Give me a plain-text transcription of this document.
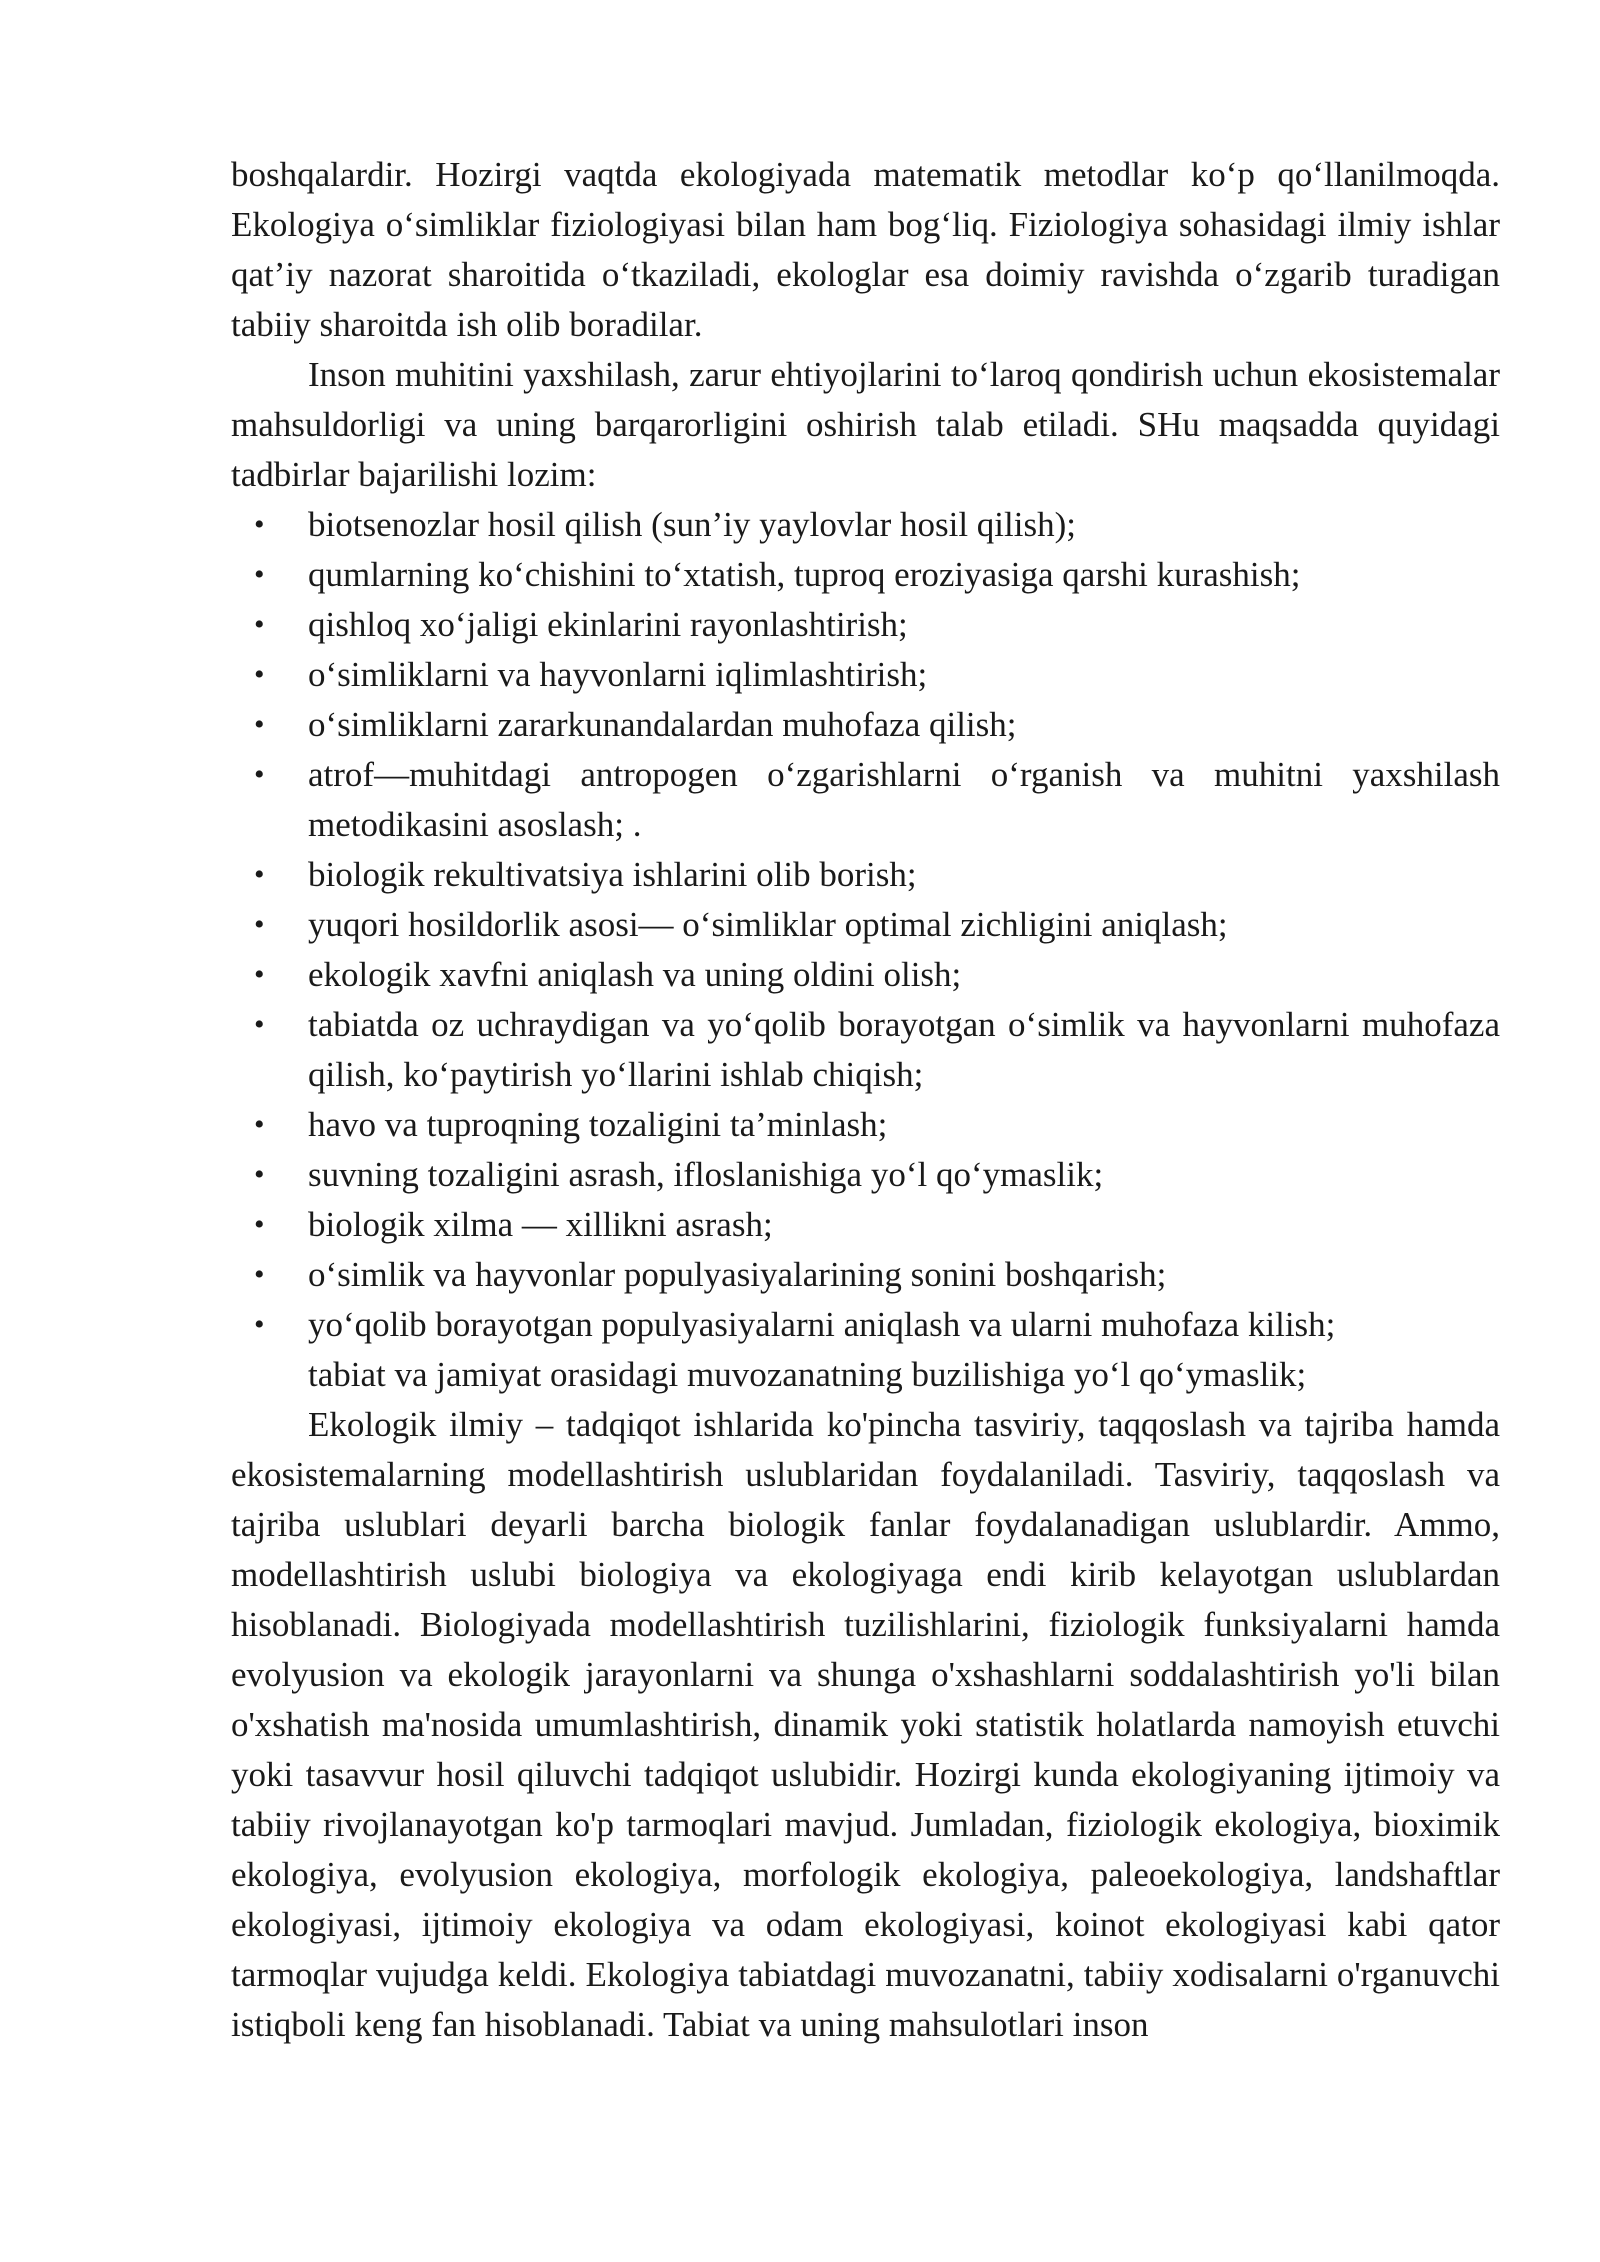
boshqalardir. Hozirgi vaqtda ekologiyada matematik metodlar ko‘p qo‘llanilmoqda. Ekologiya o‘simliklar fiziologiyasi bilan ham bog‘liq. Fiziologiya sohasidagi ilmiy ishlar qat’iy nazorat sharoitida o‘tkaziladi, ekologlar esa doimiy ravishda o‘zgarib turadigan tabiiy sharoitda ish olib boradilar.

Inson muhitini yaxshilash, zarur ehtiyojlarini to‘laroq qondirish uchun ekosistemalar mahsuldorligi va uning barqarorligini oshirish talab etiladi. SHu maqsadda quyidagi tadbirlar bajarilishi lozim:

• biotsenozlar hosil qilish (sun’iy yaylovlar hosil qilish);
• qumlarning ko‘chishini to‘xtatish, tuproq eroziyasiga qarshi kurashish;
• qishloq xo‘jaligi ekinlarini rayonlashtirish;
• o‘simliklarni va hayvonlarni iqlimlashtirish;
• o‘simliklarni zararkunandalardan muhofaza qilish;
• atrof—muhitdagi antropogen o‘zgarishlarni o‘rganish va muhitni yaxshilash metodikasini asoslash; .
• biologik rekultivatsiya ishlarini olib borish;
• yuqori hosildorlik asosi— o‘simliklar optimal zichligini aniqlash;
• ekologik xavfni aniqlash va uning oldini olish;
• tabiatda oz uchraydigan va yo‘qolib borayotgan o‘simlik va hayvonlarni muhofaza qilish, ko‘paytirish yo‘llarini ishlab chiqish;
• havo va tuproqning tozaligini ta’minlash;
• suvning tozaligini asrash, ifloslanishiga yo‘l qo‘ymaslik;
• biologik xilma — xillikni asrash;
• o‘simlik va hayvonlar populyasiyalarining sonini boshqarish;
• yo‘qolib borayotgan populyasiyalarni aniqlash va ularni muhofaza kilish;

tabiat va jamiyat orasidagi muvozanatning buzilishiga yo‘l qo‘ymaslik;

Ekologik ilmiy – tadqiqot ishlarida ko'pincha tasviriy, taqqoslash va tajriba hamda ekosistemalarning modellashtirish uslublaridan foydalaniladi. Tasviriy, taqqoslash va tajriba uslublari deyarli barcha biologik fanlar foydalanadigan uslublardir. Ammo, modellashtirish uslubi biologiya va ekologiyaga endi kirib kelayotgan uslublardan hisoblanadi. Biologiyada modellashtirish tuzilishlarini, fiziologik funksiyalarni hamda evolyusion va ekologik jarayonlarni va shunga o'xshashlarni soddalashtirish yo'li bilan o'xshatish ma'nosida umumlashtirish, dinamik yoki statistik holatlarda namoyish etuvchi yoki tasavvur hosil qiluvchi tadqiqot uslubidir. Hozirgi kunda ekologiyaning ijtimoiy va tabiiy rivojlanayotgan ko'p tarmoqlari mavjud. Jumladan, fiziologik ekologiya, bioximik ekologiya, evolyusion ekologiya, morfologik ekologiya, paleoekologiya, landshaftlar ekologiyasi, ijtimoiy ekologiya va odam ekologiyasi, koinot ekologiyasi kabi qator tarmoqlar vujudga keldi. Ekologiya tabiatdagi muvozanatni, tabiiy xodisalarni o'rganuvchi istiqboli keng fan hisoblanadi. Tabiat va uning mahsulotlari inson
